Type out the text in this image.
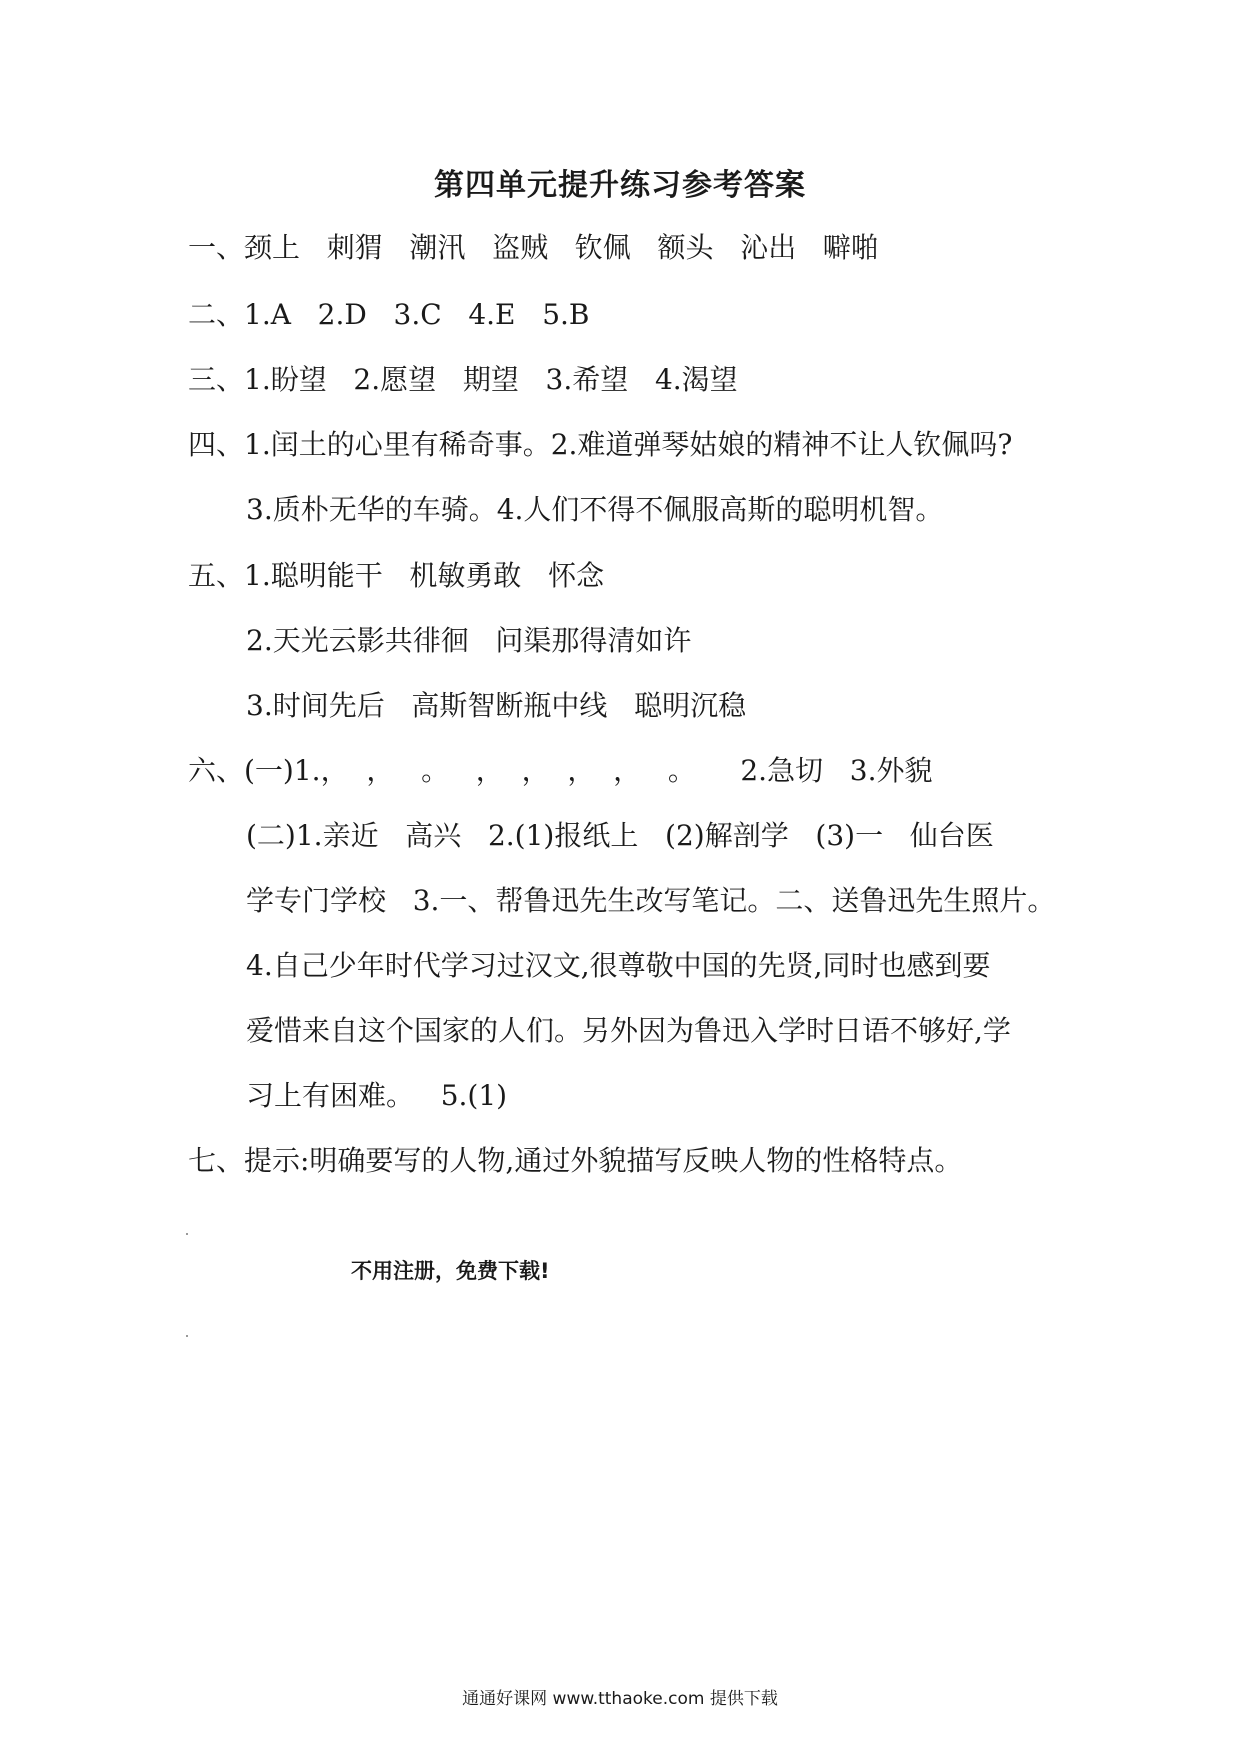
第四单元提升练习参考答案
一、颈上   刺猬   潮汛   盗贼   钦佩   额头   沁出   噼啪
二、1.A   2.D   3.C   4.E   5.B
三、1.盼望   2.愿望   期望   3.希望   4.渴望
四、1.闰土的心里有稀奇事。2.难道弹琴姑娘的精神不让人钦佩吗?
3.质朴无华的车骑。4.人们不得不佩服高斯的聪明机智。
五、1.聪明能干   机敏勇敢   怀念
2.天光云影共徘徊   问渠那得清如许
3.时间先后   高斯智断瓶中线   聪明沉稳
六、(一)1.，  ，   。   ，  ，  ，  ，   。     2.急切   3.外貌
(二)1.亲近   高兴   2.(1)报纸上   (2)解剖学   (3)一   仙台医
学专门学校   3.一、帮鲁迅先生改写笔记。二、送鲁迅先生照片。
4.自己少年时代学习过汉文,很尊敬中国的先贤,同时也感到要
爱惜来自这个国家的人们。另外因为鲁迅入学时日语不够好,学
习上有困难。   5.(1)
七、提示:明确要写的人物,通过外貌描写反映人物的性格特点。
不用注册，免费下载!
通通好课网 www.tthaoke.com 提供下载
